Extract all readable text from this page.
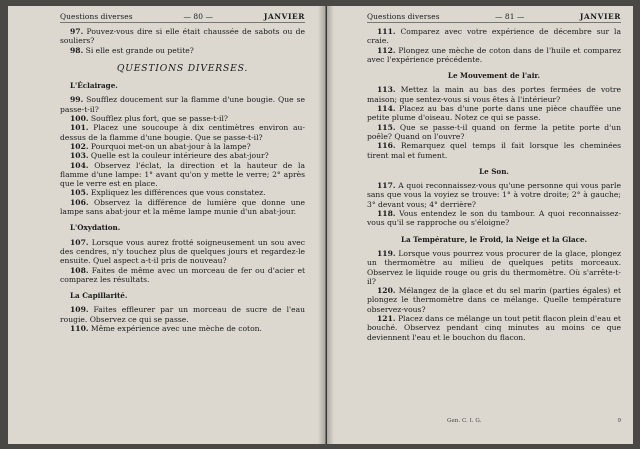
Questions diverses	— 80 —	JANVIER

97. Pouvez-vous dire si elle était chaussée de sabots ou de souliers?

98. Si elle est grande ou petite?

QUESTIONS DIVERSES.

L'Éclairage.

99. Soufflez doucement sur la flamme d'une bougie. Que se passe-t-il?

100. Soufflez plus fort, que se passe-t-il?

101. Placez une soucoupe à dix centimètres environ au-dessus de la flamme d'une bougie. Que se passe-t-il?

102. Pourquoi met-on un abat-jour à la lampe?

103. Quelle est la couleur intérieure des abat-jour?

104. Observez l'éclat, la direction et la hauteur de la flamme d'une lampe: 1° avant qu'on y mette le verre; 2° après que le verre est en place.

105. Expliquez les différences que vous constatez.

106. Observez la différence de lumière que donne une lampe sans abat-jour et la même lampe munie d'un abat-jour.

L'Oxydation.

107. Lorsque vous aurez frotté soigneusement un sou avec des cendres, n'y touchez plus de quelques jours et regardez-le ensuite. Quel aspect a-t-il pris de nouveau?

108. Faites de même avec un morceau de fer ou d'acier et comparez les résultats.

La Capillarité.

109. Faites effleurer par un morceau de sucre de l'eau rougie. Observez ce qui se passe.

110. Même expérience avec une mèche de coton.

Questions diverses	— 81 —	JANVIER

111. Comparez avec votre expérience de décembre sur la craie.

112. Plongez une mèche de coton dans de l'huile et comparez avec l'expérience précédente.

Le Mouvement de l'air.

113. Mettez la main au bas des portes fermées de votre maison; que sentez-vous si vous êtes à l'intérieur?

114. Placez au bas d'une porte dans une pièce chauffée une petite plume d'oiseau. Notez ce qui se passe.

115. Que se passe-t-il quand on ferme la petite porte d'un poêle? Quand on l'ouvre?

116. Remarquez quel temps il fait lorsque les cheminées tirent mal et fument.

Le Son.

117. A quoi reconnaissez-vous qu'une personne qui vous parle sans que vous la voyiez se trouve: 1° à votre droite; 2° à gauche; 3° devant vous; 4° derrière?

118. Vous entendez le son du tambour. A quoi reconnaissez-vous qu'il se rapproche ou s'éloigne?

La Température, le Froid, la Neige et la Glace.

119. Lorsque vous pourrez vous procurer de la glace, plongez un thermomètre au milieu de quelques petits morceaux. Observez le liquide rouge ou gris du thermomètre. Où s'arrête-t-il?

120. Mélangez de la glace et du sel marin (parties égales) et plongez le thermomètre dans ce mélange. Quelle température observez-vous?

121. Placez dans ce mélange un tout petit flacon plein d'eau et bouché. Observez pendant cinq minutes au moins ce que deviennent l'eau et le bouchon du flacon.

Gen. C. I. G.	9
